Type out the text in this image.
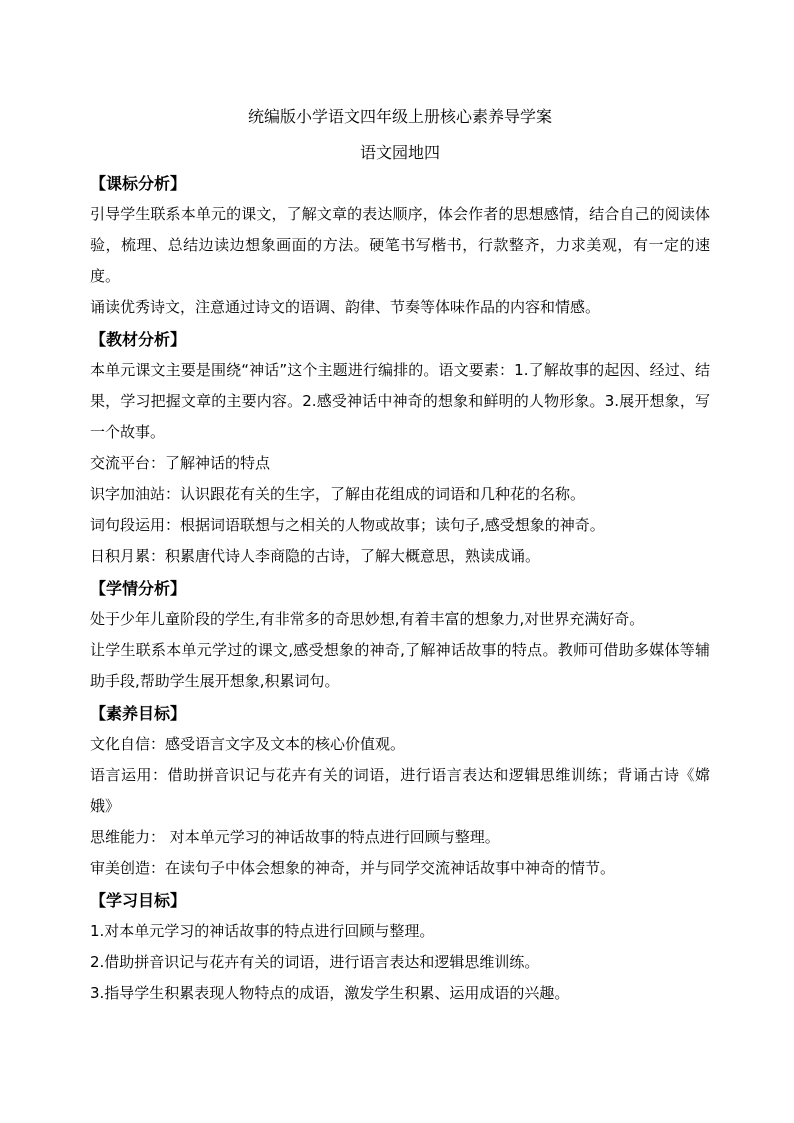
统编版小学语文四年级上册核心素养导学案
语文园地四
【课标分析】

引导学生联系本单元的课文，了解文章的表达顺序，体会作者的思想感情，结合自己的阅读体验，梳理、总结边读边想象画面的方法。硬笔书写楷书，行款整齐，力求美观，有一定的速度。

诵读优秀诗文，注意通过诗文的语调、韵律、节奏等体味作品的内容和情感。

【教材分析】

本单元课文主要是围绕“神话”这个主题进行编排的。语文要素：1.了解故事的起因、经过、结果，学习把握文章的主要内容。2.感受神话中神奇的想象和鲜明的人物形象。3.展开想象，写一个故事。

交流平台：了解神话的特点

识字加油站：认识跟花有关的生字，了解由花组成的词语和几种花的名称。

词句段运用：根据词语联想与之相关的人物或故事；读句子,感受想象的神奇。

日积月累：积累唐代诗人李商隐的古诗，了解大概意思，熟读成诵。

【学情分析】

处于少年儿童阶段的学生,有非常多的奇思妙想,有着丰富的想象力,对世界充满好奇。

让学生联系本单元学过的课文,感受想象的神奇,了解神话故事的特点。教师可借助多媒体等辅助手段,帮助学生展开想象,积累词句。

【素养目标】

文化自信：感受语言文字及文本的核心价值观。

语言运用：借助拼音识记与花卉有关的词语，进行语言表达和逻辑思维训练；背诵古诗《嫦娥》

思维能力： 对本单元学习的神话故事的特点进行回顾与整理。

审美创造：在读句子中体会想象的神奇，并与同学交流神话故事中神奇的情节。

【学习目标】

1.对本单元学习的神话故事的特点进行回顾与整理。

2.借助拼音识记与花卉有关的词语，进行语言表达和逻辑思维训练。

3.指导学生积累表现人物特点的成语，激发学生积累、运用成语的兴趣。
